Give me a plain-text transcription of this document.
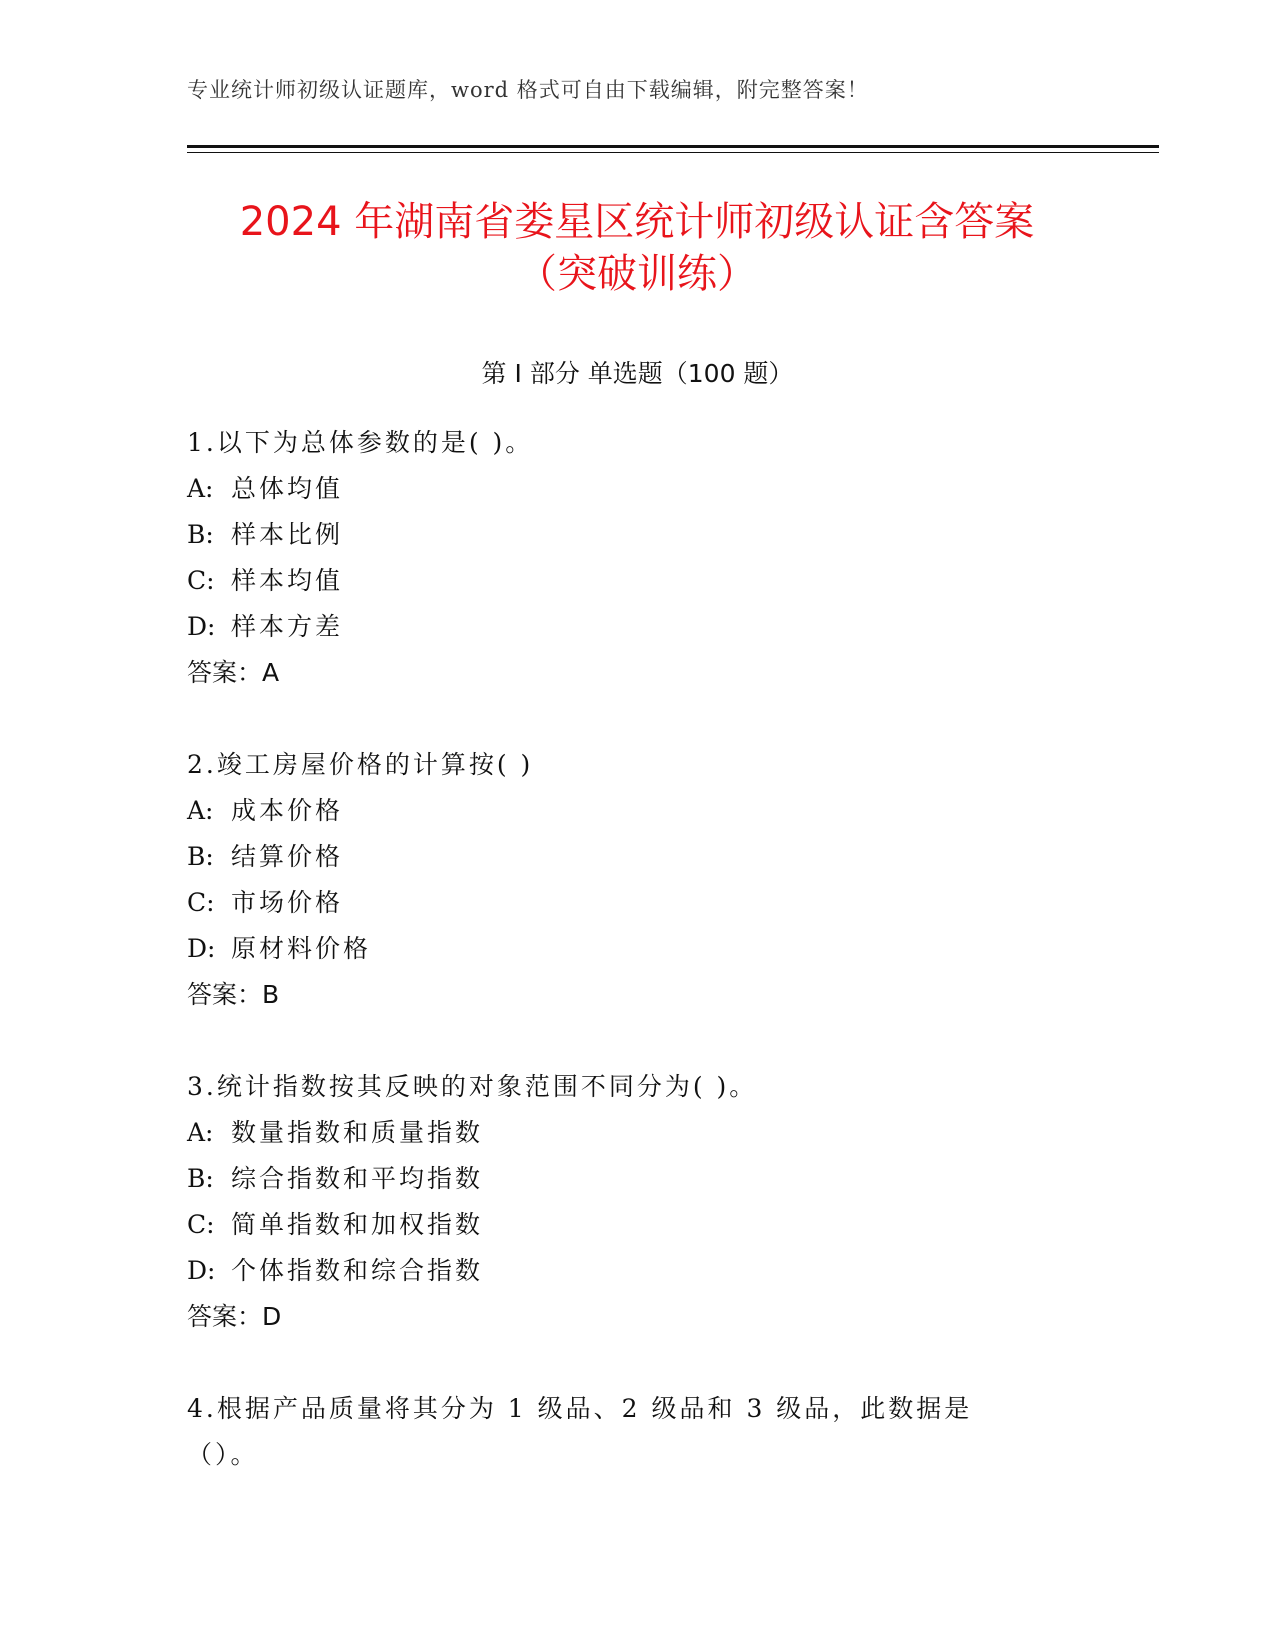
专业统计师初级认证题库，word 格式可自由下载编辑，附完整答案！
2024 年湖南省娄星区统计师初级认证含答案
（突破训练）
第 I 部分 单选题（100 题）
1.以下为总体参数的是( )。
A: 总体均值
B: 样本比例
C: 样本均值
D: 样本方差
答案：A
2.竣工房屋价格的计算按( )
A: 成本价格
B: 结算价格
C: 市场价格
D: 原材料价格
答案：B
3.统计指数按其反映的对象范围不同分为( )。
A: 数量指数和质量指数
B: 综合指数和平均指数
C: 简单指数和加权指数
D: 个体指数和综合指数
答案：D
4.根据产品质量将其分为 1 级品、2 级品和 3 级品，此数据是（）。
